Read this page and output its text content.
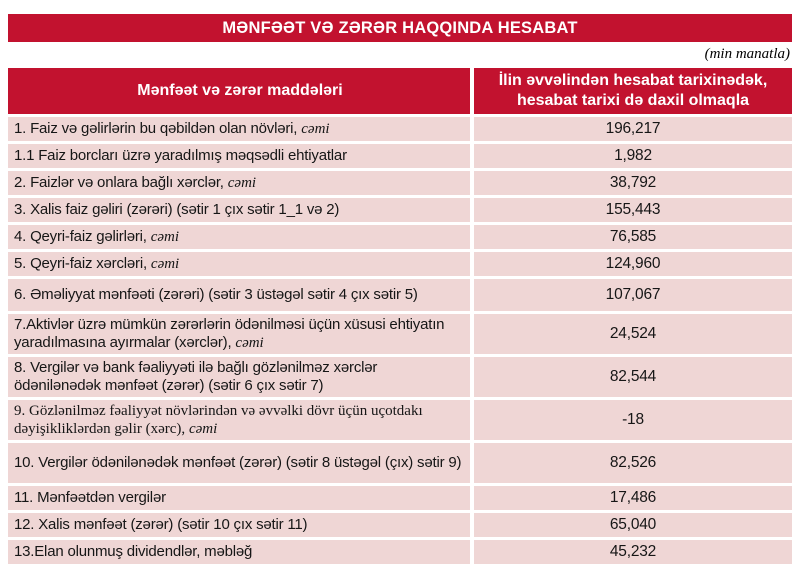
MƏNFƏƏT VƏ ZƏRƏR HAQQINDA HESABAT
(min manatla)
Mənfəət və zərər maddələri
İlin əvvəlindən hesabat tarixinədək,
hesabat tarixi də daxil olmaqla
1. Faiz və gəlirlərin bu qəbildən olan növləri, cəmi	196,217
1.1 Faiz borcları üzrə yaradılmış məqsədli ehtiyatlar	1,982
2. Faizlər və onlara bağlı xərclər, cəmi	38,792
3. Xalis faiz gəliri (zərəri) (sətir 1 çıx sətir 1_1 və 2)	155,443
4. Qeyri-faiz gəlirləri, cəmi	76,585
5. Qeyri-faiz xərcləri, cəmi	124,960
6. Əməliyyat mənfəəti (zərəri) (sətir 3 üstəgəl sətir 4 çıx sətir 5)	107,067
7.Aktivlər üzrə mümkün zərərlərin ödənilməsi üçün xüsusi ehtiyatın yaradılmasına ayırmalar (xərclər), cəmi
24,524
8. Vergilər və bank fəaliyyəti ilə bağlı gözlənilməz xərclər ödənilənədək mənfəət (zərər) (sətir 6 çıx sətir 7)
82,544
9. Gözlənilməz fəaliyyət növlərindən və əvvəlki dövr üçün uçotdakı dəyişikliklərdən gəlir (xərc), cəmi
-18
10. Vergilər ödənilənədək mənfəət (zərər) (sətir 8 üstəgəl (çıx) sətir 9)	82,526
11. Mənfəətdən vergilər	17,486
12. Xalis mənfəət (zərər) (sətir 10 çıx sətir 11)	65,040
13.Elan olunmuş dividendlər, məbləğ	45,232
